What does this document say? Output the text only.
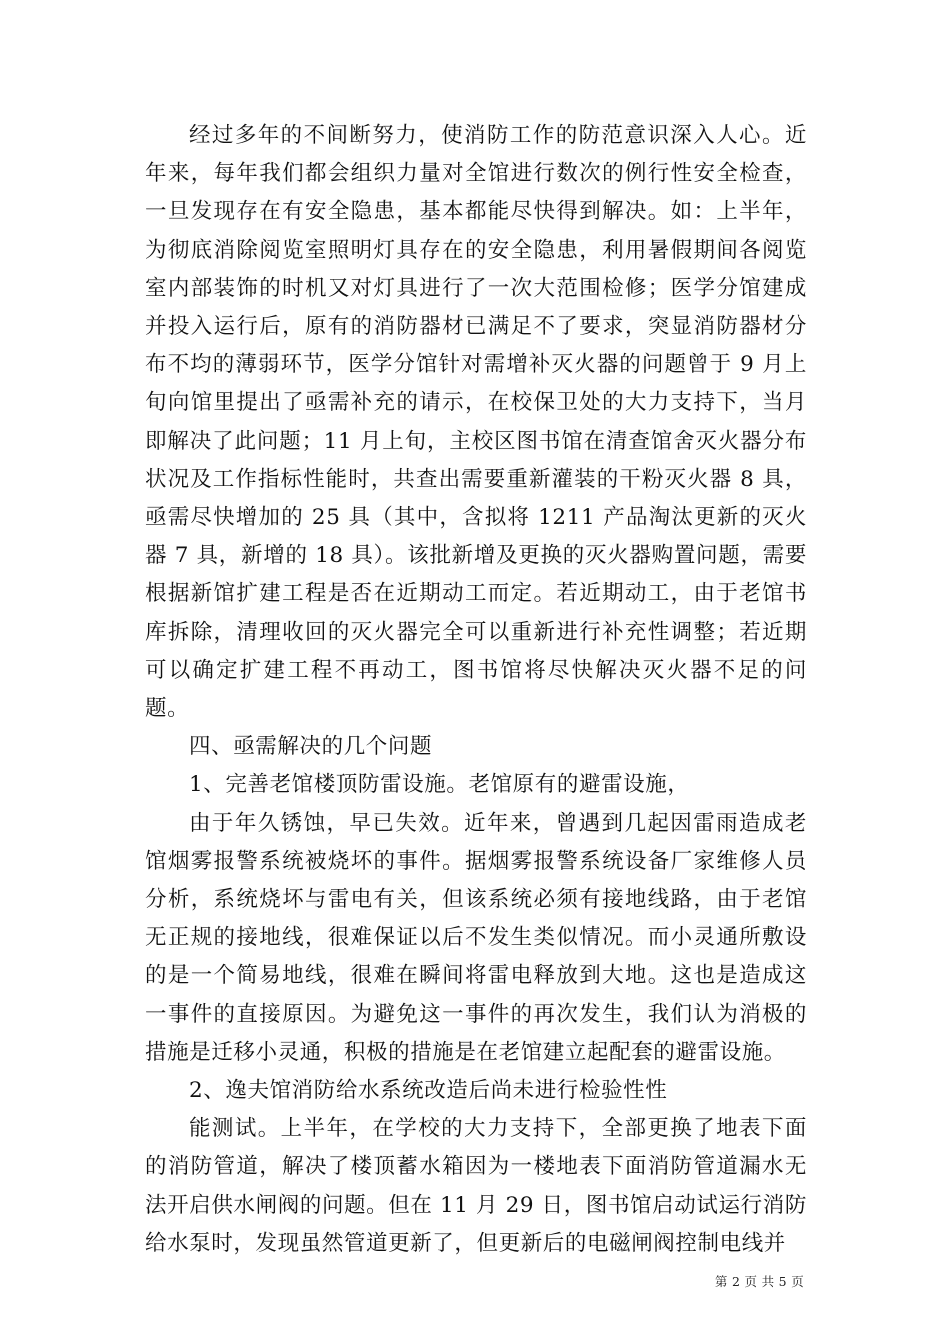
经过多年的不间断努力，使消防工作的防范意识深入人心。近年来，每年我们都会组织力量对全馆进行数次的例行性安全检查，一旦发现存在有安全隐患，基本都能尽快得到解决。如：上半年，为彻底消除阅览室照明灯具存在的安全隐患，利用暑假期间各阅览室内部装饰的时机又对灯具进行了一次大范围检修；医学分馆建成并投入运行后，原有的消防器材已满足不了要求，突显消防器材分布不均的薄弱环节，医学分馆针对需增补灭火器的问题曾于 9 月上旬向馆里提出了亟需补充的请示，在校保卫处的大力支持下，当月即解决了此问题；11 月上旬，主校区图书馆在清查馆舍灭火器分布状况及工作指标性能时，共查出需要重新灌装的干粉灭火器 8 具，亟需尽快增加的 25 具（其中，含拟将 1211 产品淘汰更新的灭火器 7 具，新增的 18 具）。该批新增及更换的灭火器购置问题，需要根据新馆扩建工程是否在近期动工而定。若近期动工，由于老馆书库拆除，清理收回的灭火器完全可以重新进行补充性调整；若近期可以确定扩建工程不再动工，图书馆将尽快解决灭火器不足的问题。

四、亟需解决的几个问题

1、完善老馆楼顶防雷设施。老馆原有的避雷设施，

由于年久锈蚀，早已失效。近年来，曾遇到几起因雷雨造成老馆烟雾报警系统被烧坏的事件。据烟雾报警系统设备厂家维修人员分析，系统烧坏与雷电有关，但该系统必须有接地线路，由于老馆无正规的接地线，很难保证以后不发生类似情况。而小灵通所敷设的是一个简易地线，很难在瞬间将雷电释放到大地。这也是造成这一事件的直接原因。为避免这一事件的再次发生，我们认为消极的措施是迁移小灵通，积极的措施是在老馆建立起配套的避雷设施。

2、逸夫馆消防给水系统改造后尚未进行检验性性

能测试。上半年，在学校的大力支持下，全部更换了地表下面的消防管道，解决了楼顶蓄水箱因为一楼地表下面消防管道漏水无法开启供水闸阀的问题。但在 11 月 29 日，图书馆启动试运行消防给水泵时，发现虽然管道更新了，但更新后的电磁闸阀控制电线并

第 2 页 共 5 页
